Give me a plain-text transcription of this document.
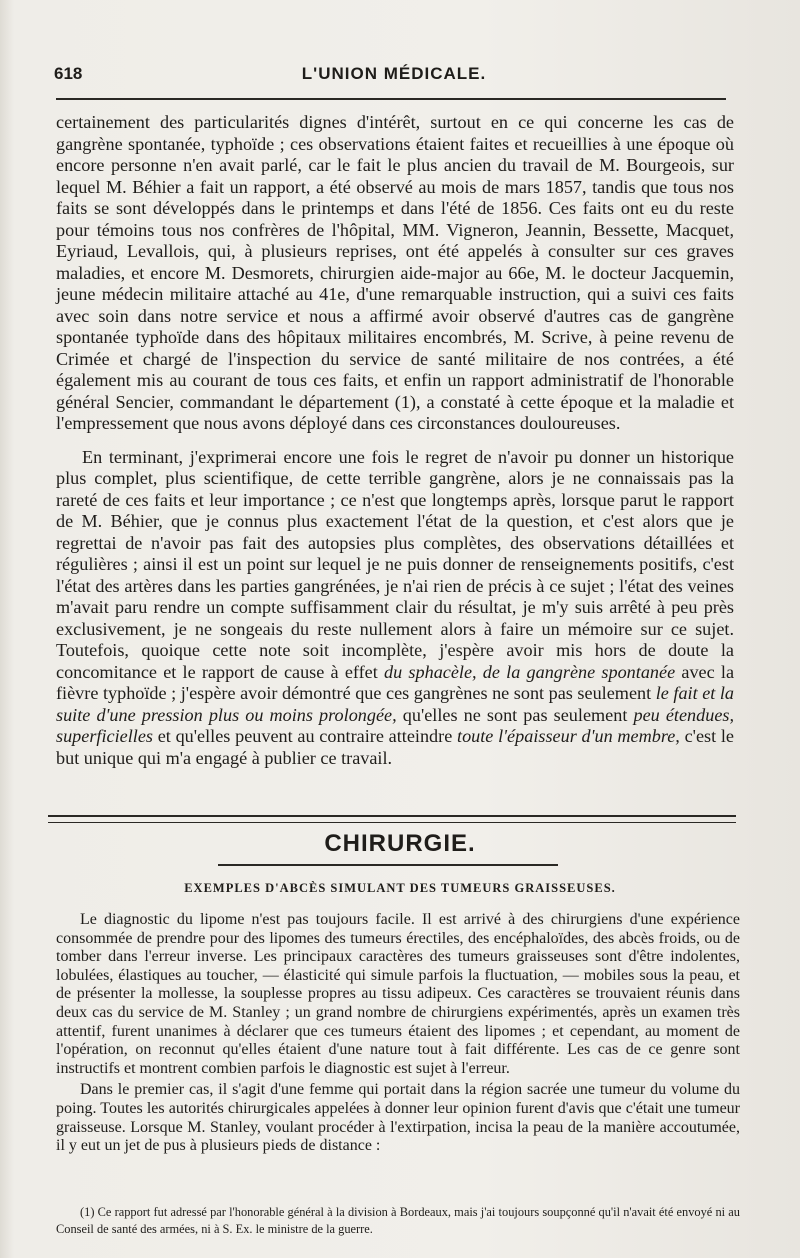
618	L'UNION MÉDICALE.

certainement des particularités dignes d'intérêt, surtout en ce qui concerne les cas de gangrène spontanée, typhoïde ; ces observations étaient faites et recueillies à une époque où encore personne n'en avait parlé, car le fait le plus ancien du travail de M. Bourgeois, sur lequel M. Béhier a fait un rapport, a été observé au mois de mars 1857, tandis que tous nos faits se sont développés dans le printemps et dans l'été de 1856. Ces faits ont eu du reste pour témoins tous nos confrères de l'hôpital, MM. Vigneron, Jeannin, Bessette, Macquet, Eyriaud, Levallois, qui, à plusieurs reprises, ont été appelés à consulter sur ces graves maladies, et encore M. Desmorets, chirurgien aide-major au 66e, M. le docteur Jacquemin, jeune médecin militaire attaché au 41e, d'une remarquable instruction, qui a suivi ces faits avec soin dans notre service et nous a affirmé avoir observé d'autres cas de gangrène spontanée typhoïde dans des hôpitaux militaires encombrés, M. Scrive, à peine revenu de Crimée et chargé de l'inspection du service de santé militaire de nos contrées, a été également mis au courant de tous ces faits, et enfin un rapport administratif de l'honorable général Sencier, commandant le département (1), a constaté à cette époque et la maladie et l'empressement que nous avons déployé dans ces circonstances douloureuses.

En terminant, j'exprimerai encore une fois le regret de n'avoir pu donner un historique plus complet, plus scientifique, de cette terrible gangrène, alors je ne connaissais pas la rareté de ces faits et leur importance ; ce n'est que longtemps après, lorsque parut le rapport de M. Béhier, que je connus plus exactement l'état de la question, et c'est alors que je regrettai de n'avoir pas fait des autopsies plus complètes, des observations détaillées et régulières ; ainsi il est un point sur lequel je ne puis donner de renseignements positifs, c'est l'état des artères dans les parties gangrénées, je n'ai rien de précis à ce sujet ; l'état des veines m'avait paru rendre un compte suffisamment clair du résultat, je m'y suis arrêté à peu près exclusivement, je ne songeais du reste nullement alors à faire un mémoire sur ce sujet. Toutefois, quoique cette note soit incomplète, j'espère avoir mis hors de doute la concomitance et le rapport de cause à effet du sphacèle, de la gangrène spontanée avec la fièvre typhoïde ; j'espère avoir démontré que ces gangrènes ne sont pas seulement le fait et la suite d'une pression plus ou moins prolongée, qu'elles ne sont pas seulement peu étendues, superficielles et qu'elles peuvent au contraire atteindre toute l'épaisseur d'un membre, c'est le but unique qui m'a engagé à publier ce travail.

CHIRURGIE.
EXEMPLES D'ABCÈS SIMULANT DES TUMEURS GRAISSEUSES.

Le diagnostic du lipome n'est pas toujours facile. Il est arrivé à des chirurgiens d'une expérience consommée de prendre pour des lipomes des tumeurs érectiles, des encéphaloïdes, des abcès froids, ou de tomber dans l'erreur inverse. Les principaux caractères des tumeurs graisseuses sont d'être indolentes, lobulées, élastiques au toucher, — élasticité qui simule parfois la fluctuation, — mobiles sous la peau, et de présenter la mollesse, la souplesse propres au tissu adipeux. Ces caractères se trouvaient réunis dans deux cas du service de M. Stanley ; un grand nombre de chirurgiens expérimentés, après un examen très attentif, furent unanimes à déclarer que ces tumeurs étaient des lipomes ; et cependant, au moment de l'opération, on reconnut qu'elles étaient d'une nature tout à fait différente. Les cas de ce genre sont instructifs et montrent combien parfois le diagnostic est sujet à l'erreur.

Dans le premier cas, il s'agit d'une femme qui portait dans la région sacrée une tumeur du volume du poing. Toutes les autorités chirurgicales appelées à donner leur opinion furent d'avis que c'était une tumeur graisseuse. Lorsque M. Stanley, voulant procéder à l'extirpation, incisa la peau de la manière accoutumée, il y eut un jet de pus à plusieurs pieds de distance :

(1) Ce rapport fut adressé par l'honorable général à la division à Bordeaux, mais j'ai toujours soupçonné qu'il n'avait été envoyé ni au Conseil de santé des armées, ni à S. Ex. le ministre de la guerre.
